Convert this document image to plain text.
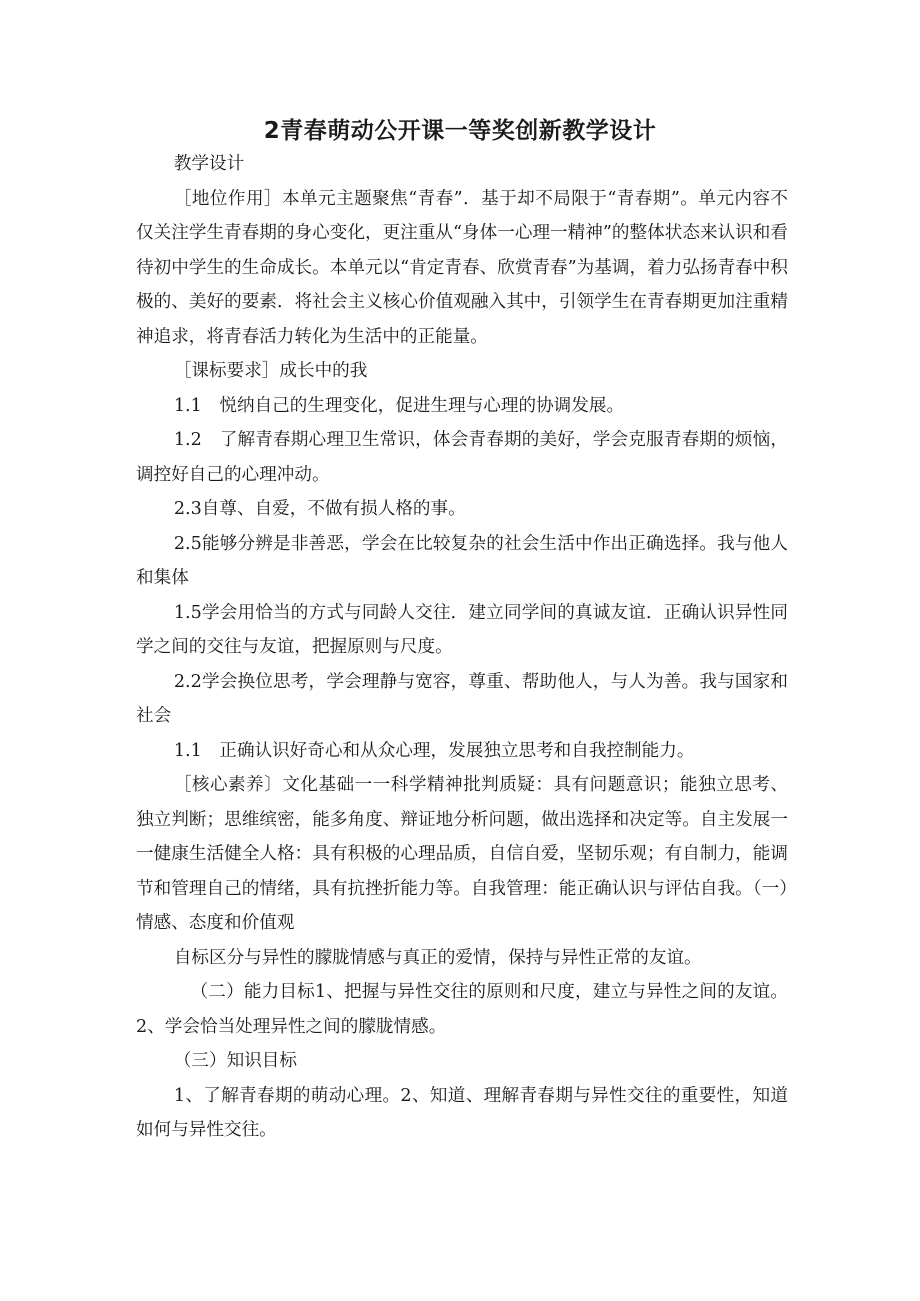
2青春萌动公开课一等奖创新教学设计

教学设计

［地位作用］本单元主题聚焦“青春”．基于却不局限于“青春期”。单元内容不仅关注学生青春期的身心变化，更注重从“身体一心理一精神”的整体状态来认识和看待初中学生的生命成长。本单元以“肯定青春、欣赏青春”为基调，着力弘扬青春中积极的、美好的要素．将社会主义核心价值观融入其中，引领学生在青春期更加注重精神追求，将青春活力转化为生活中的正能量。

［课标要求］成长中的我

1.1　悦纳自己的生理变化，促进生理与心理的协调发展。

1.2　了解青春期心理卫生常识，体会青春期的美好，学会克服青春期的烦恼，调控好自己的心理冲动。

2.3自尊、自爱，不做有损人格的事。

2.5能够分辨是非善恶，学会在比较复杂的社会生活中作出正确选择。我与他人和集体

1.5学会用恰当的方式与同龄人交往．建立同学间的真诚友谊．正确认识异性同学之间的交往与友谊，把握原则与尺度。

2.2学会换位思考，学会理静与宽容，尊重、帮助他人，与人为善。我与国家和社会

1.1　正确认识好奇心和从众心理，发展独立思考和自我控制能力。

［核心素养〕文化基础一一科学精神批判质疑：具有问题意识；能独立思考、独立判断；思维缤密，能多角度、辩证地分析问题，做出选择和决定等。自主发展一一健康生活健全人格：具有积极的心理品质，自信自爱，坚韧乐观；有自制力，能调节和管理自己的情绪，具有抗挫折能力等。自我管理：能正确认识与评估自我。（一）情感、态度和价值观

自标区分与异性的朦胧情感与真正的爱情，保持与异性正常的友谊。

（二）能力目标1、把握与异性交往的原则和尺度，建立与异性之间的友谊。2、学会恰当处理异性之间的朦胧情感。

（三）知识目标

1、了解青春期的萌动心理。2、知道、理解青春期与异性交往的重要性，知道如何与异性交往。
